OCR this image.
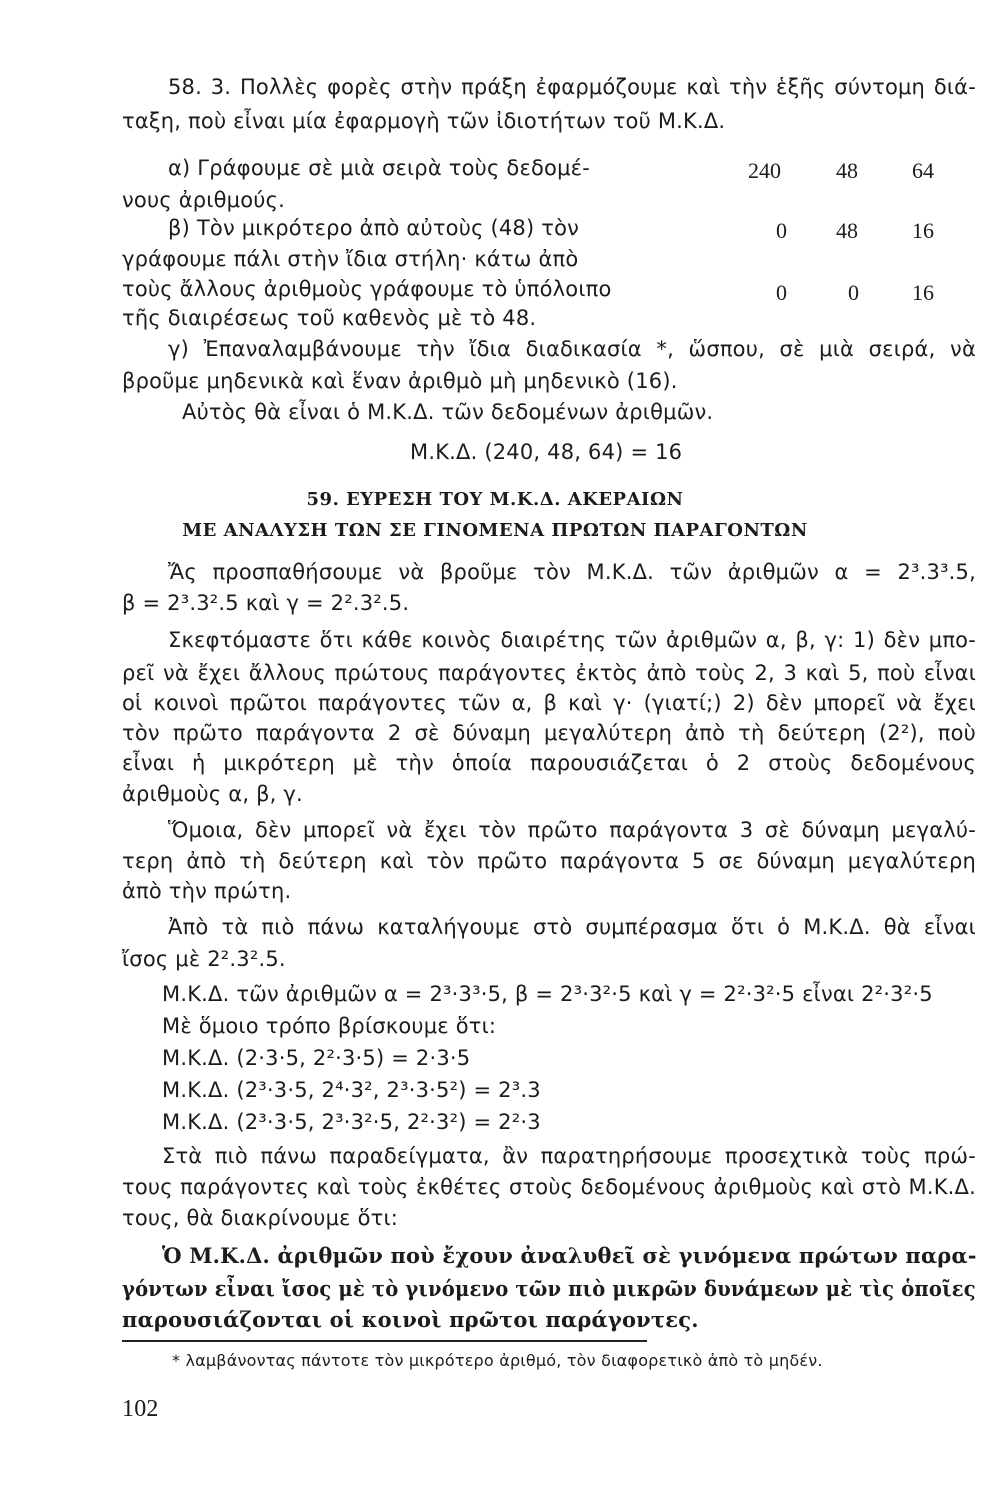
58. 3. Πολλὲς φορὲς στὴν πράξη ἐφαρμόζουμε καὶ τὴν ἑξῆς σύντομη διά-
ταξη, ποὺ εἶναι μία ἐφαρμογὴ τῶν ἰδιοτήτων τοῦ Μ.Κ.Δ.
α) Γράφουμε σὲ μιὰ σειρὰ τοὺς δεδομέ-
νους ἀριθμούς.
β) Τὸν μικρότερο ἀπὸ αὐτοὺς (48) τὸν
γράφουμε πάλι στὴν ἴδια στήλη· κάτω ἀπὸ
τοὺς ἄλλους ἀριθμοὺς γράφουμε τὸ ὑπόλοιπο
τῆς διαιρέσεως τοῦ καθενὸς μὲ τὸ 48.
240	48 64
0 48 16
0	0 16
γ) Ἐπαναλαμβάνουμε τὴν ἴδια διαδικασία *, ὥσπου, σὲ μιὰ σειρά, νὰ
βροῦμε μηδενικὰ καὶ ἕναν ἀριθμὸ μὴ μηδενικὸ (16).
Αὐτὸς θὰ εἶναι ὁ Μ.Κ.Δ. τῶν δεδομένων ἀριθμῶν.
Μ.Κ.Δ. (240, 48, 64) = 16
59. ΕΥΡΕΣΗ ΤΟΥ Μ.Κ.Δ. ΑΚΕΡΑΙΩΝ
ΜΕ ΑΝΑΛΥΣΗ ΤΩΝ ΣΕ ΓΙΝΟΜΕΝΑ ΠΡΩΤΩΝ ΠΑΡΑΓΟΝΤΩΝ
Ἄς προσπαθήσουμε νὰ βροῦμε τὸν Μ.Κ.Δ. τῶν ἀριθμῶν α = 2³.3³.5,
β = 2³.3².5 καὶ γ = 2².3².5.
Σκεφτόμαστε ὅτι κάθε κοινὸς διαιρέτης τῶν ἀριθμῶν α, β, γ: 1) δὲν μπο-
ρεῖ νὰ ἔχει ἄλλους πρώτους παράγοντες ἐκτὸς ἀπὸ τοὺς 2, 3 καὶ 5, ποὺ εἶναι
οἱ κοινοὶ πρῶτοι παράγοντες τῶν α, β καὶ γ· (γιατί;) 2) δὲν μπορεῖ νὰ ἔχει
τὸν πρῶτο παράγοντα 2 σὲ δύναμη μεγαλύτερη ἀπὸ τὴ δεύτερη (2²), ποὺ
εἶναι ἡ μικρότερη μὲ τὴν ὁποία παρουσιάζεται ὁ 2 στοὺς δεδομένους
ἀριθμοὺς α, β, γ.
Ὅμοια, δὲν μπορεῖ νὰ ἔχει τὸν πρῶτο παράγοντα 3 σὲ δύναμη μεγαλύ-
τερη ἀπὸ τὴ δεύτερη καὶ τὸν πρῶτο παράγοντα 5 σε δύναμη μεγαλύτερη
ἀπὸ τὴν πρώτη.
Ἀπὸ τὰ πιὸ πάνω καταλήγουμε στὸ συμπέρασμα ὅτι ὁ Μ.Κ.Δ. θὰ εἶναι
ἴσος μὲ 2².3².5.
Μ.Κ.Δ. τῶν ἀριθμῶν α = 2³·3³·5, β = 2³·3²·5 καὶ γ = 2²·3²·5 εἶναι 2²·3²·5
Μὲ ὅμοιο τρόπο βρίσκουμε ὅτι:
Μ.Κ.Δ. (2·3·5, 2²·3·5) = 2·3·5
Μ.Κ.Δ. (2³·3·5, 2⁴·3², 2³·3·5²) = 2³.3
Μ.Κ.Δ. (2³·3·5, 2³·3²·5, 2²·3²) = 2²·3
Στὰ πιὸ πάνω παραδείγματα, ἂν παρατηρήσουμε προσεχτικὰ τοὺς πρώ-
τους παράγοντες καὶ τοὺς ἐκθέτες στοὺς δεδομένους ἀριθμοὺς καὶ στὸ Μ.Κ.Δ.
τους, θὰ διακρίνουμε ὅτι:
Ὁ Μ.Κ.Δ. ἀριθμῶν ποὺ ἔχουν ἀναλυθεῖ σὲ γινόμενα πρώτων παρα-
γόντων εἶναι ἴσος μὲ τὸ γινόμενο τῶν πιὸ μικρῶν δυνάμεων μὲ τὶς ὁποῖες
παρουσιάζονται οἱ κοινοὶ πρῶτοι παράγοντες.
* λαμβάνοντας πάντοτε τὸν μικρότερο ἀριθμό, τὸν διαφορετικὸ ἀπὸ τὸ μηδέν.
102
